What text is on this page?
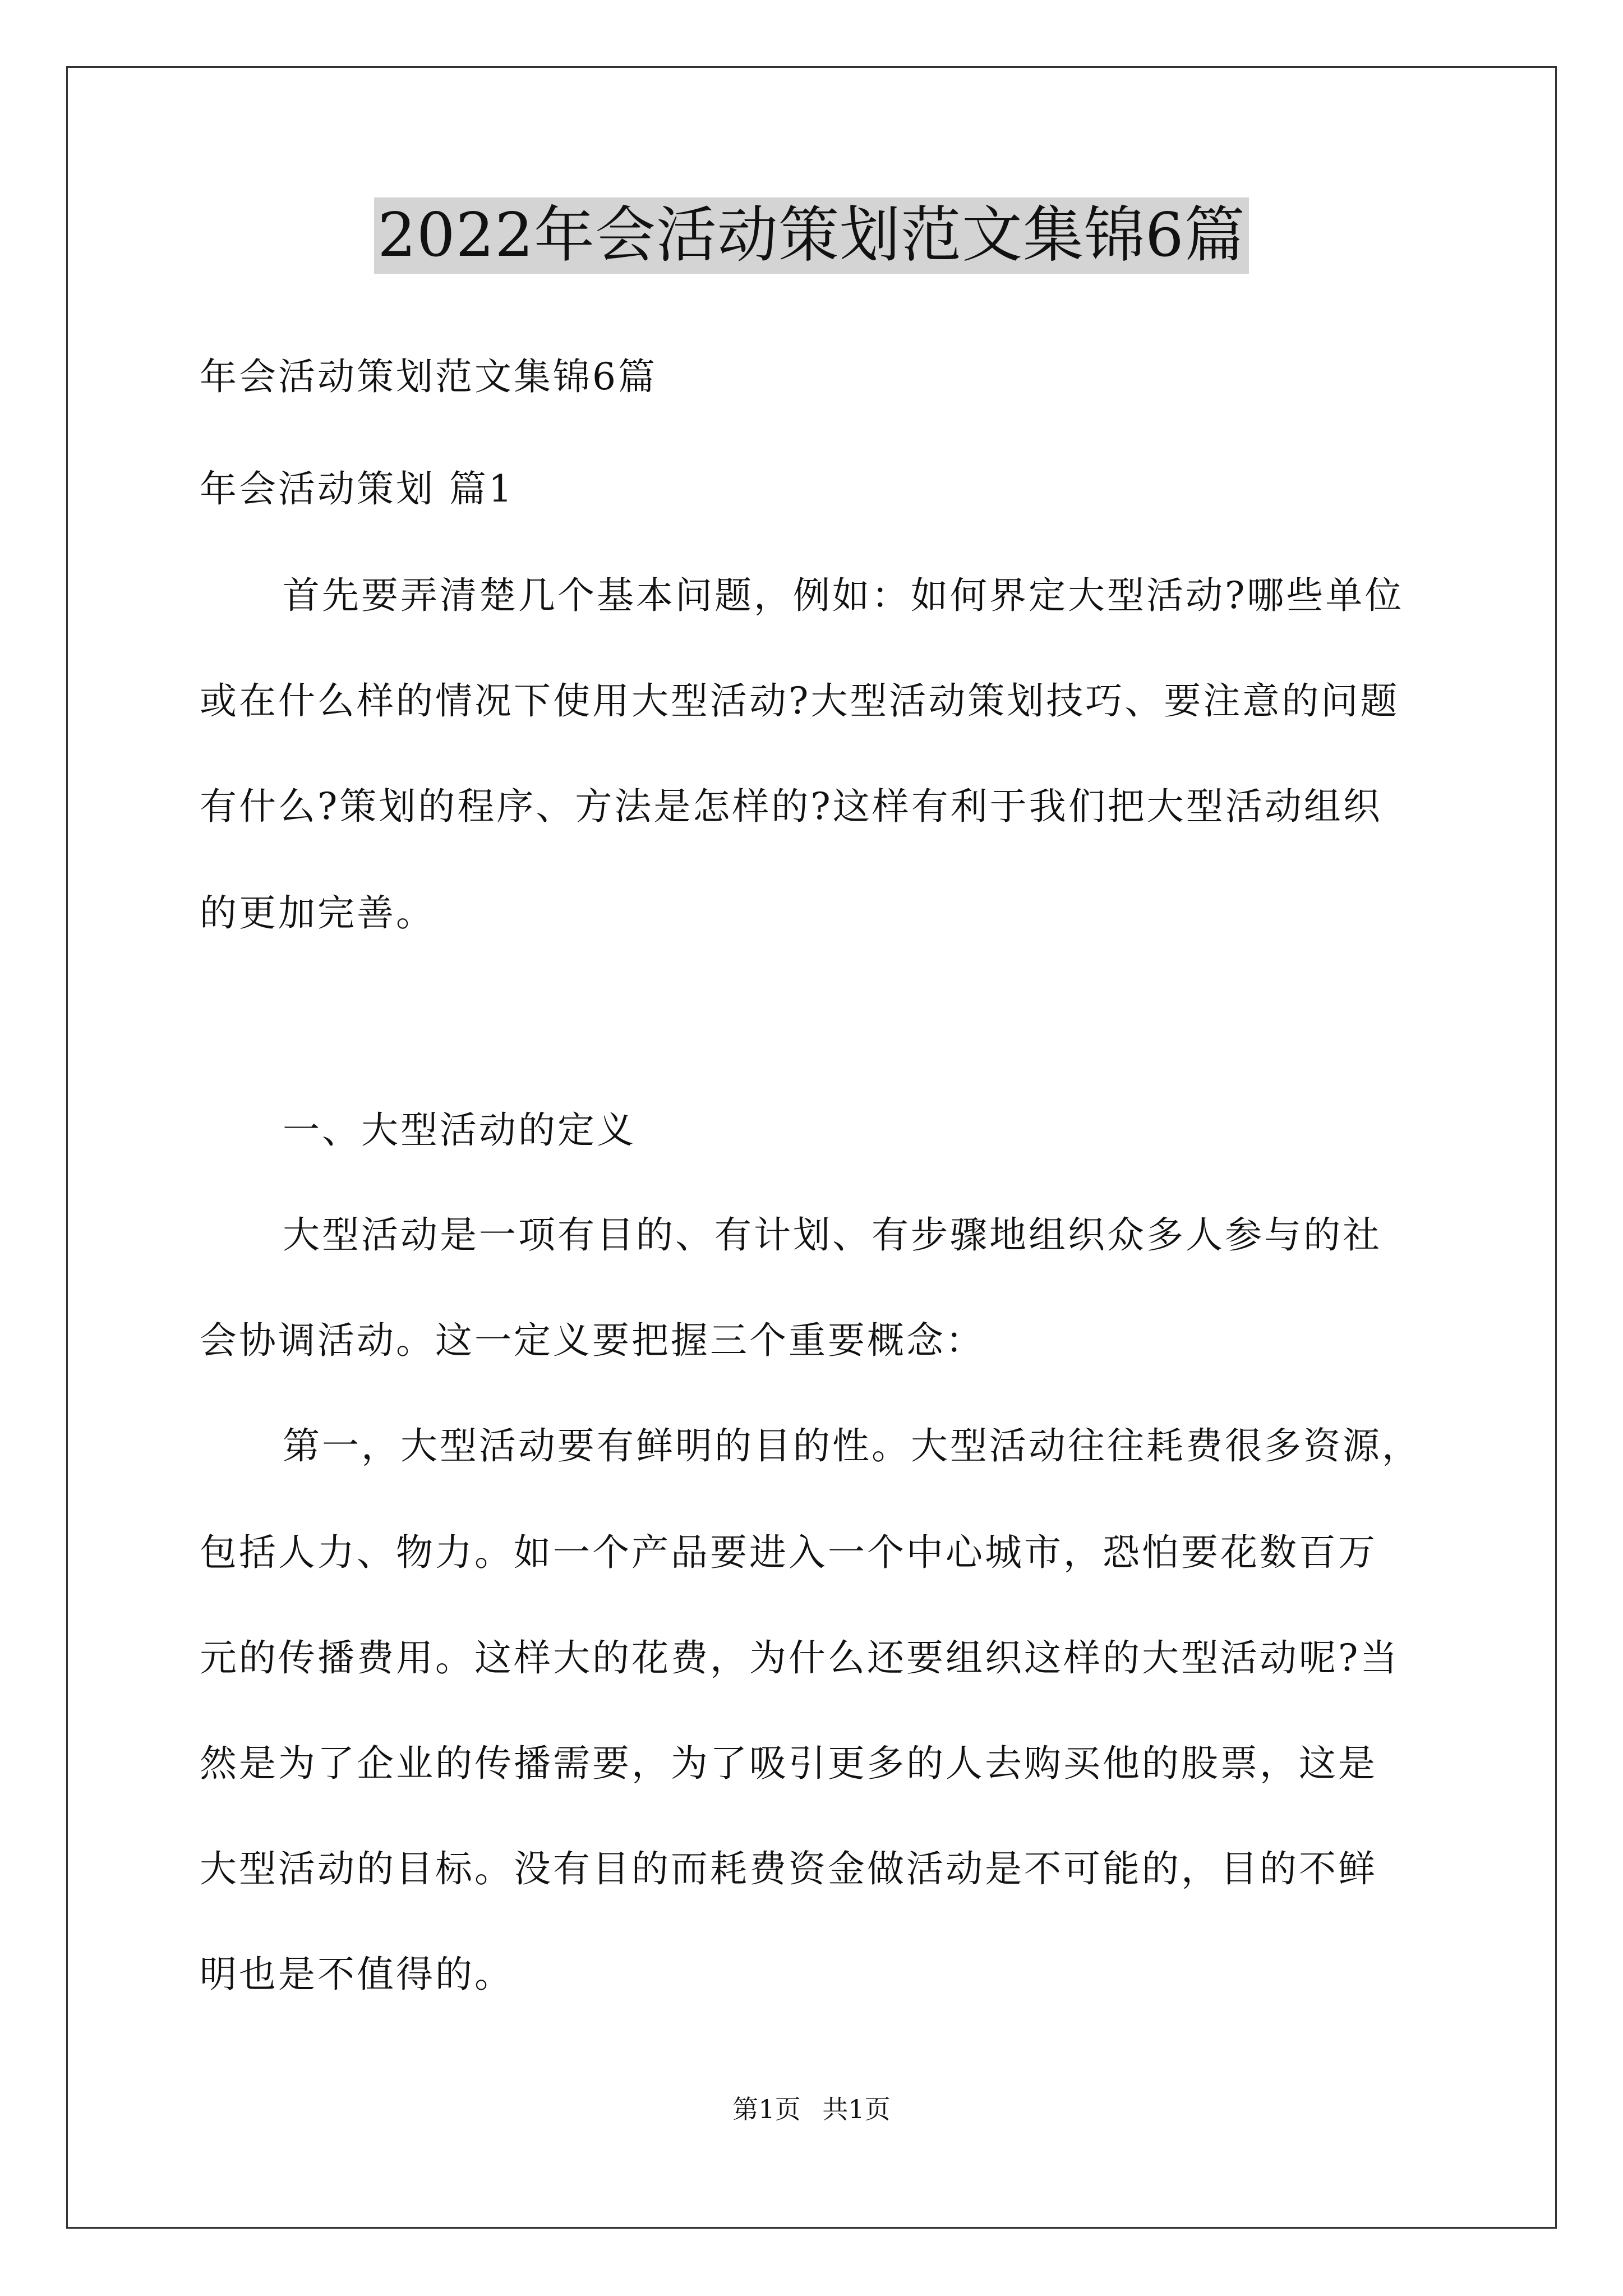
2022年会活动策划范文集锦6篇
年会活动策划范文集锦6篇
年会活动策划 篇1
首先要弄清楚几个基本问题，例如：如何界定大型活动?哪些单位
或在什么样的情况下使用大型活动?大型活动策划技巧、要注意的问题
有什么?策划的程序、方法是怎样的?这样有利于我们把大型活动组织
的更加完善。
一、大型活动的定义
大型活动是一项有目的、有计划、有步骤地组织众多人参与的社
会协调活动。这一定义要把握三个重要概念：
第一，大型活动要有鲜明的目的性。大型活动往往耗费很多资源，
包括人力、物力。如一个产品要进入一个中心城市，恐怕要花数百万
元的传播费用。这样大的花费，为什么还要组织这样的大型活动呢?当
然是为了企业的传播需要，为了吸引更多的人去购买他的股票，这是
大型活动的目标。没有目的而耗费资金做活动是不可能的，目的不鲜
明也是不值得的。
第1页 共1页
